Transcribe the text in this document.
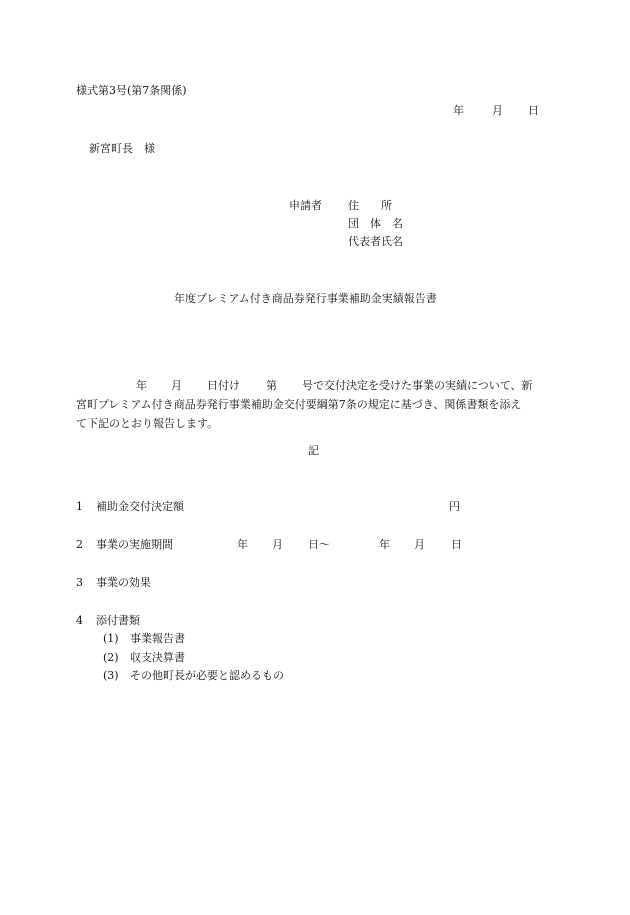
様式第3号(第7条関係)
年	月 日
新宮町長　様
申請者 住　　所
団　体　名
代表者氏名
年度プレミアム付き商品券発行事業補助金実績報告書
年 月 日付け 第 号で交付決定を受けた事業の実績について、新
宮町プレミアム付き商品券発行事業補助金交付要綱第7条の規定に基づき、関係書類を添え
て下記のとおり報告します。
記
1 補助金交付決定額	円
2 事業の実施期間	年 月 日～	年 月 日
3 事業の効果
4 添付書類
(1) 事業報告書
(2) 収支決算書
(3) その他町長が必要と認めるもの
